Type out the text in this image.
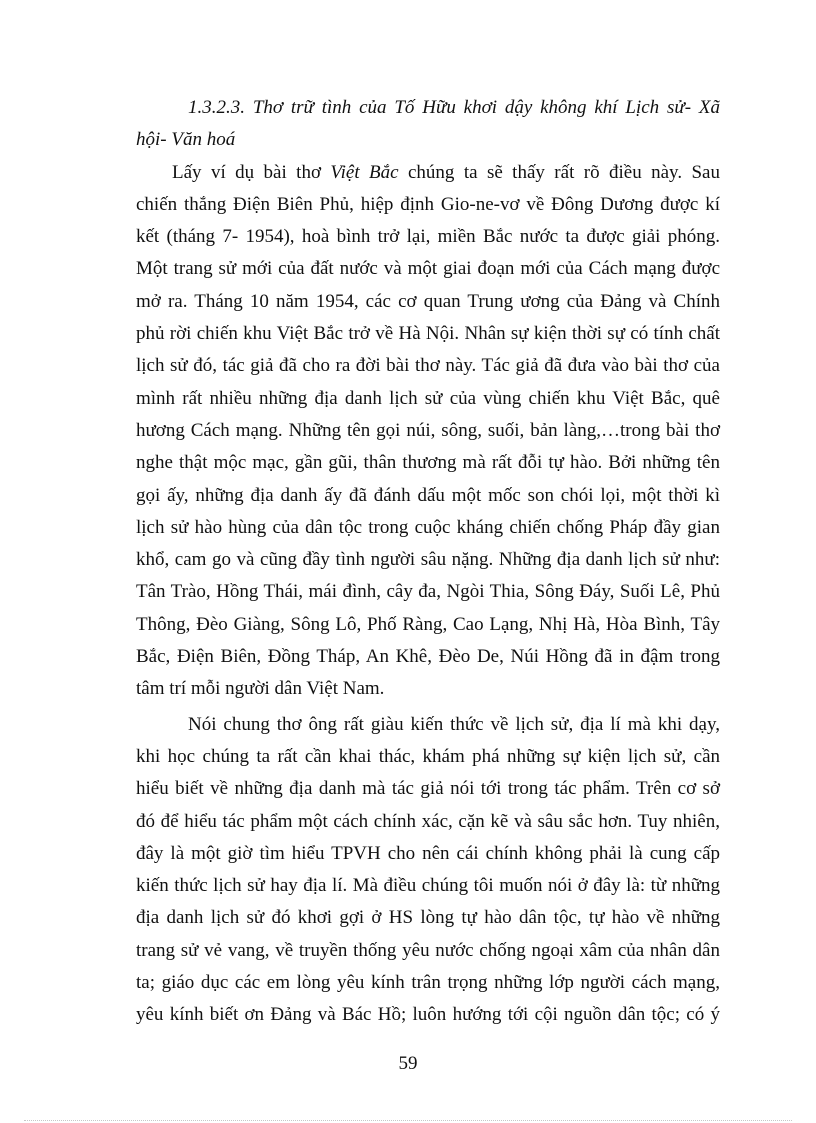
1.3.2.3. Thơ trữ tình của Tố Hữu khơi dậy không khí Lịch sử- Xã
hội- Văn hoá
Lấy ví dụ bài thơ Việt Bắc chúng ta sẽ thấy rất rõ điều này. Sau
chiến thắng Điện Biên Phủ, hiệp định Gio-ne-vơ về Đông Dương được kí
kết (tháng 7- 1954), hoà bình trở lại, miền Bắc nước ta được giải phóng.
Một trang sử mới của đất nước và một giai đoạn mới của Cách mạng được
mở ra. Tháng 10 năm 1954, các cơ quan Trung ương của Đảng và Chính
phủ rời chiến khu Việt Bắc trở về Hà Nội. Nhân sự kiện thời sự có tính chất
lịch sử đó, tác giả đã cho ra đời bài thơ này. Tác giả đã đưa vào bài thơ của
mình rất nhiều những địa danh lịch sử của vùng chiến khu Việt Bắc, quê
hương Cách mạng. Những tên gọi núi, sông, suối, bản làng,…trong bài thơ
nghe thật mộc mạc, gần gũi, thân thương mà rất đỗi tự hào. Bởi những tên
gọi ấy, những địa danh ấy đã đánh dấu một mốc son chói lọi, một thời kì
lịch sử hào hùng của dân tộc trong cuộc kháng chiến chống Pháp đầy gian
khổ, cam go và cũng đầy tình người sâu nặng. Những địa danh lịch sử như:
Tân Trào, Hồng Thái, mái đình, cây đa, Ngòi Thia, Sông Đáy, Suối Lê, Phủ
Thông, Đèo Giàng, Sông Lô, Phố Ràng, Cao Lạng, Nhị Hà, Hòa Bình, Tây
Bắc, Điện Biên, Đồng Tháp, An Khê, Đèo De, Núi Hồng đã in đậm trong
tâm trí mỗi người dân Việt Nam.
Nói chung thơ ông rất giàu kiến thức về lịch sử, địa lí mà khi dạy,
khi học chúng ta rất cần khai thác, khám phá những sự kiện lịch sử, cần
hiểu biết về những địa danh mà tác giả nói tới trong tác phẩm. Trên cơ sở
đó để hiểu tác phẩm một cách chính xác, cặn kẽ và sâu sắc hơn. Tuy nhiên,
đây là một giờ tìm hiểu TPVH cho nên cái chính không phải là cung cấp
kiến thức lịch sử hay địa lí. Mà điều chúng tôi muốn nói ở đây là: từ những
địa danh lịch sử đó khơi gợi ở HS lòng tự hào dân tộc, tự hào về những
trang sử vẻ vang, về truyền thống yêu nước chống ngoại xâm của nhân dân
ta; giáo dục các em lòng yêu kính trân trọng những lớp người cách mạng,
yêu kính biết ơn Đảng và Bác Hồ; luôn hướng tới cội nguồn dân tộc; có ý
59
